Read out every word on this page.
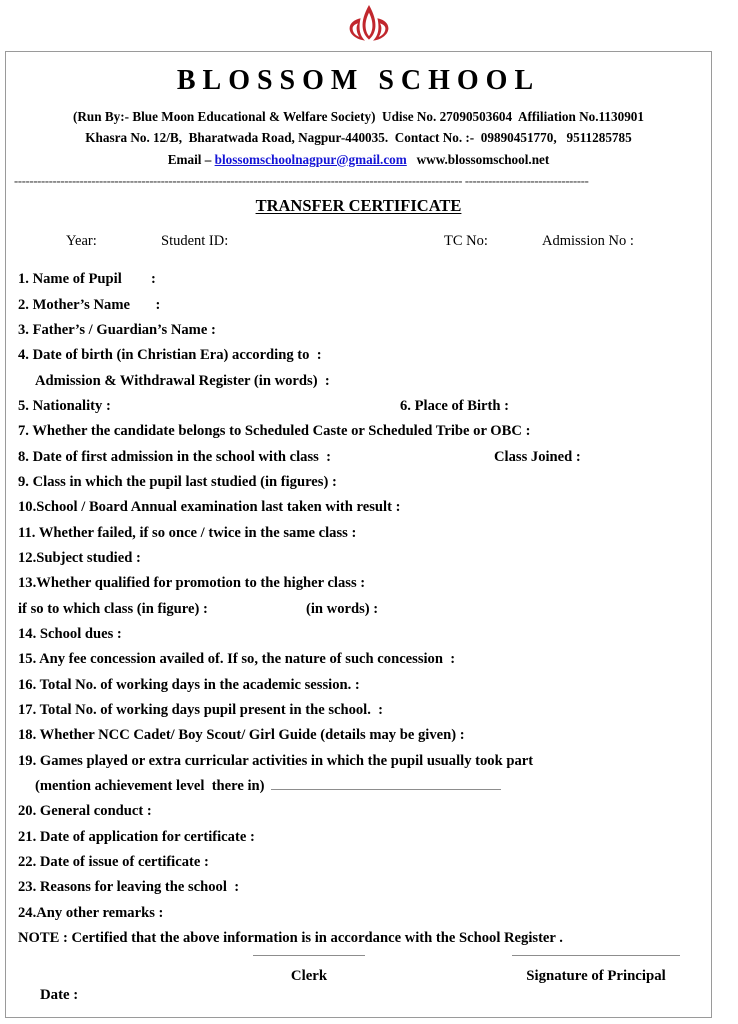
BLOSSOM SCHOOL
(Run By:- Blue Moon Educational & Welfare Society)  Udise No. 27090503604  Affiliation No.1130901
Khasra No. 12/B,  Bharatwada Road, Nagpur-440035.  Contact No. :-  09890451770,   9511285785
Email – blossomschoolnagpur@gmail.com www.blossomschool.net
-------------------------------------------------------------------------------------------------------------------- --------------------------------
TRANSFER CERTIFICATE
Year:	Student ID:	TC No:	Admission No :
1. Name of Pupil        :
2. Mother’s Name       :
3. Father’s / Guardian’s Name :
4. Date of birth (in Christian Era) according to  :
Admission & Withdrawal Register (in words)  :
5. Nationality :	6. Place of Birth :
7. Whether the candidate belongs to Scheduled Caste or Scheduled Tribe or OBC :
8. Date of first admission in the school with class  :	Class Joined :
9. Class in which the pupil last studied (in figures) :
10.School / Board Annual examination last taken with result :
11. Whether failed, if so once / twice in the same class :
12.Subject studied :
13.Whether qualified for promotion to the higher class :
if so to which class (in figure) :	(in words) :
14. School dues :
15. Any fee concession availed of. If so, the nature of such concession  :
16. Total No. of working days in the academic session. :
17. Total No. of working days pupil present in the school.  :
18. Whether NCC Cadet/ Boy Scout/ Girl Guide (details may be given) :
19. Games played or extra curricular activities in which the pupil usually took part
(mention achievement level  there in)
20. General conduct :
21. Date of application for certificate :
22. Date of issue of certificate :
23. Reasons for leaving the school  :
24.Any other remarks :
NOTE : Certified that the above information is in accordance with the School Register .
Date :
Clerk	Signature of Principal
